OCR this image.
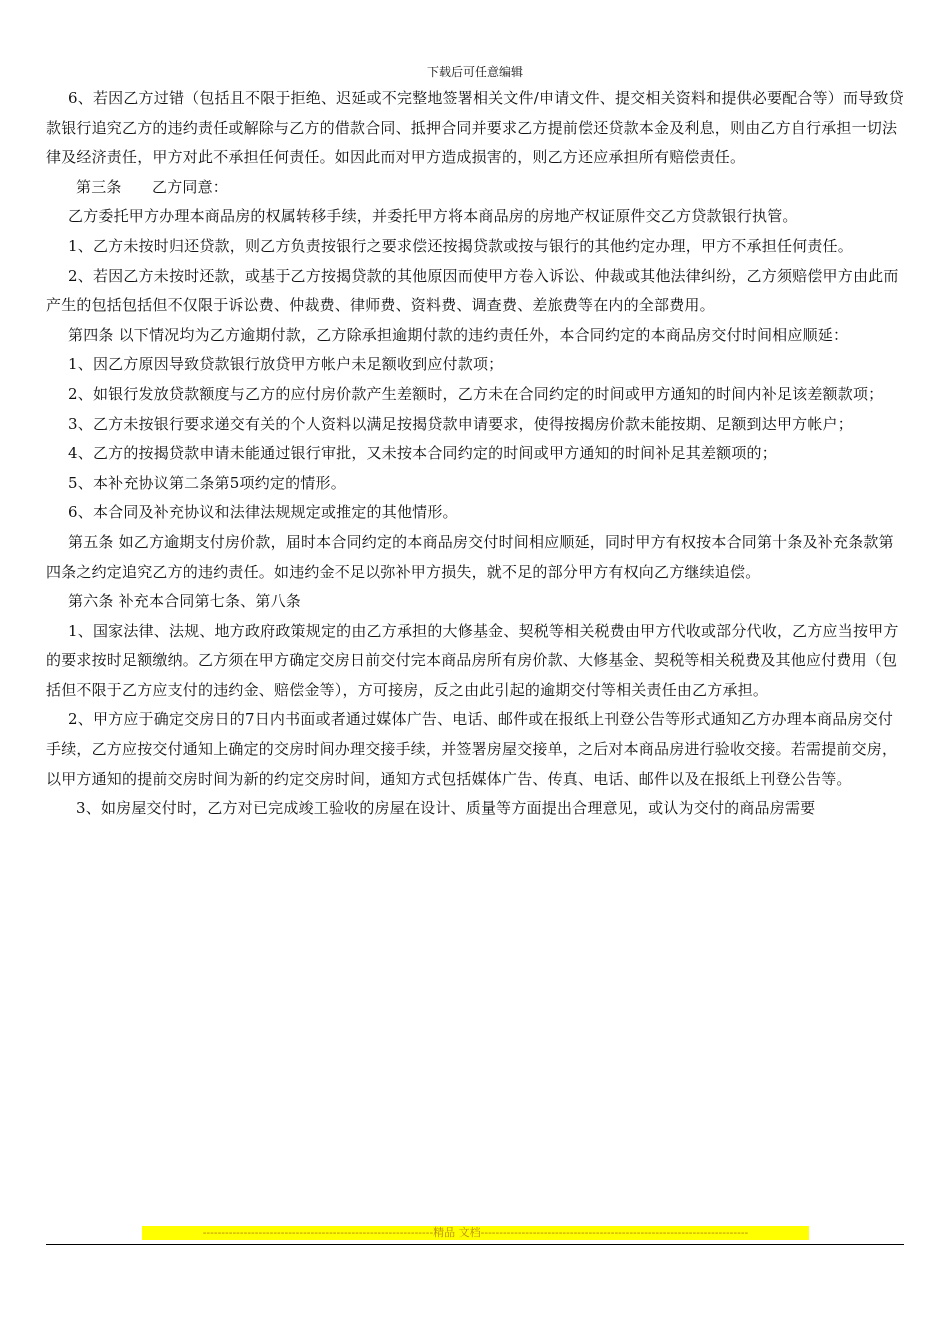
下载后可任意编辑

6、若因乙方过错（包括且不限于拒绝、迟延或不完整地签署相关文件/申请文件、提交相关资料和提供必要配合等）而导致贷款银行追究乙方的违约责任或解除与乙方的借款合同、抵押合同并要求乙方提前偿还贷款本金及利息，则由乙方自行承担一切法律及经济责任，甲方对此不承担任何责任。如因此而对甲方造成损害的，则乙方还应承担所有赔偿责任。

第三条　　乙方同意：

乙方委托甲方办理本商品房的权属转移手续，并委托甲方将本商品房的房地产权证原件交乙方贷款银行执管。

1、乙方未按时归还贷款，则乙方负责按银行之要求偿还按揭贷款或按与银行的其他约定办理，甲方不承担任何责任。

2、若因乙方未按时还款，或基于乙方按揭贷款的其他原因而使甲方卷入诉讼、仲裁或其他法律纠纷，乙方须赔偿甲方由此而产生的包括包括但不仅限于诉讼费、仲裁费、律师费、资料费、调查费、差旅费等在内的全部费用。

第四条 以下情况均为乙方逾期付款，乙方除承担逾期付款的违约责任外，本合同约定的本商品房交付时间相应顺延：

1、因乙方原因导致贷款银行放贷甲方帐户未足额收到应付款项；

2、如银行发放贷款额度与乙方的应付房价款产生差额时，乙方未在合同约定的时间或甲方通知的时间内补足该差额款项；

3、乙方未按银行要求递交有关的个人资料以满足按揭贷款申请要求，使得按揭房价款未能按期、足额到达甲方帐户；

4、乙方的按揭贷款申请未能通过银行审批，又未按本合同约定的时间或甲方通知的时间补足其差额项的；

5、本补充协议第二条第5项约定的情形。

6、本合同及补充协议和法律法规规定或推定的其他情形。

第五条 如乙方逾期支付房价款，届时本合同约定的本商品房交付时间相应顺延，同时甲方有权按本合同第十条及补充条款第四条之约定追究乙方的违约责任。如违约金不足以弥补甲方损失，就不足的部分甲方有权向乙方继续追偿。

第六条 补充本合同第七条、第八条

1、国家法律、法规、地方政府政策规定的由乙方承担的大修基金、契税等相关税费由甲方代收或部分代收，乙方应当按甲方的要求按时足额缴纳。乙方须在甲方确定交房日前交付完本商品房所有房价款、大修基金、契税等相关税费及其他应付费用（包括但不限于乙方应支付的违约金、赔偿金等），方可接房，反之由此引起的逾期交付等相关责任由乙方承担。

2、甲方应于确定交房日的7日内书面或者通过媒体广告、电话、邮件或在报纸上刊登公告等形式通知乙方办理本商品房交付手续，乙方应按交付通知上确定的交房时间办理交接手续，并签署房屋交接单，之后对本商品房进行验收交接。若需提前交房，以甲方通知的提前交房时间为新的约定交房时间，通知方式包括媒体广告、传真、电话、邮件以及在报纸上刊登公告等。

3、如房屋交付时，乙方对已完成竣工验收的房屋在设计、质量等方面提出合理意见，或认为交付的商品房需要

--------------------------------------------------------------精品 文档------------------------------------------------------------------------
